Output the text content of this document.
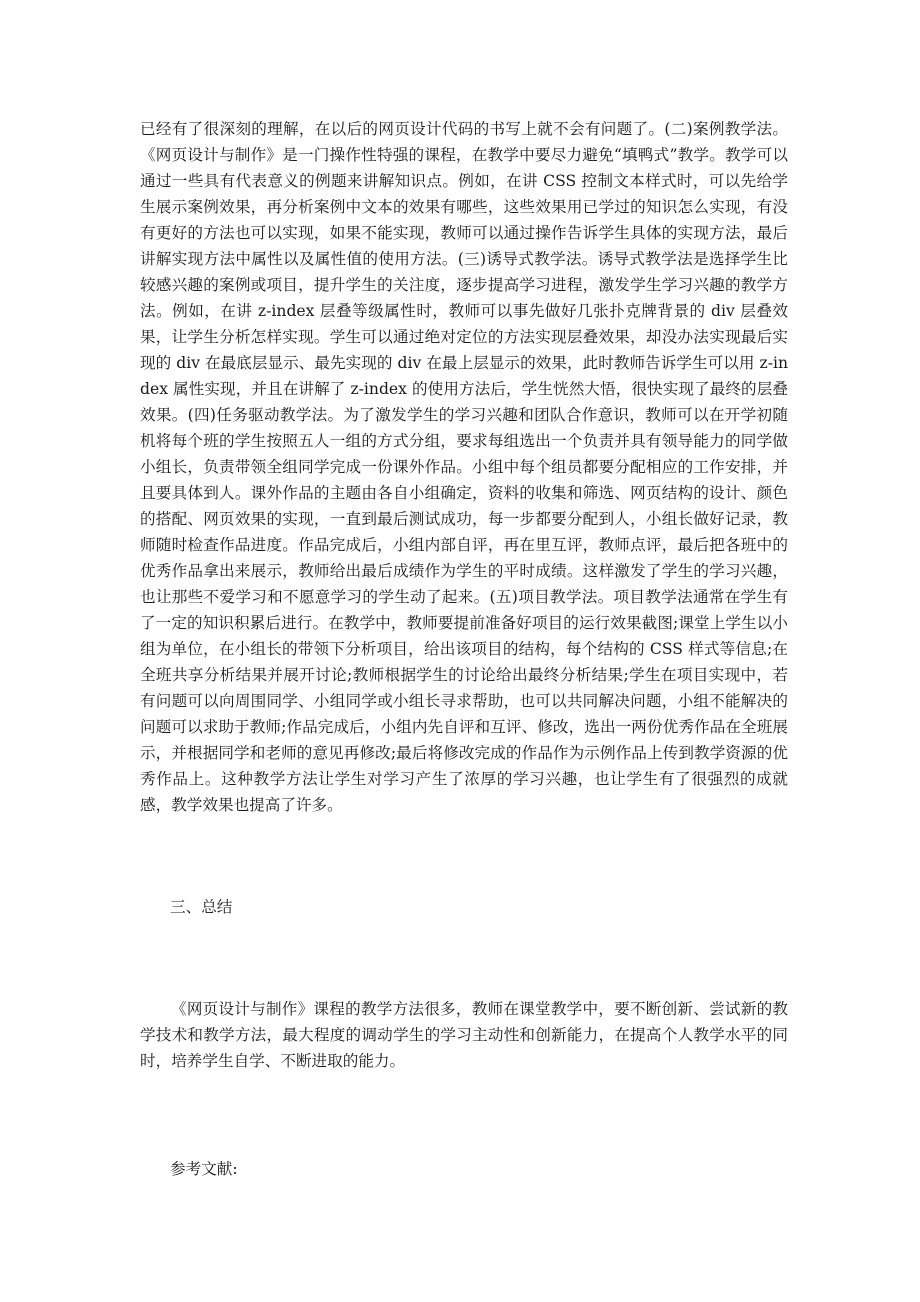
已经有了很深刻的理解，在以后的网页设计代码的书写上就不会有问题了。(二)案例教学法。《网页设计与制作》是一门操作性特强的课程，在教学中要尽力避免“填鸭式”教学。教学可以通过一些具有代表意义的例题来讲解知识点。例如，在讲 CSS 控制文本样式时，可以先给学生展示案例效果，再分析案例中文本的效果有哪些，这些效果用已学过的知识怎么实现，有没有更好的方法也可以实现，如果不能实现，教师可以通过操作告诉学生具体的实现方法，最后讲解实现方法中属性以及属性值的使用方法。(三)诱导式教学法。诱导式教学法是选择学生比较感兴趣的案例或项目，提升学生的关注度，逐步提高学习进程，激发学生学习兴趣的教学方法。例如，在讲 z-index 层叠等级属性时，教师可以事先做好几张扑克牌背景的 div 层叠效果，让学生分析怎样实现。学生可以通过绝对定位的方法实现层叠效果，却没办法实现最后实现的 div 在最底层显示、最先实现的 div 在最上层显示的效果，此时教师告诉学生可以用 z-index 属性实现，并且在讲解了 z-index 的使用方法后，学生恍然大悟，很快实现了最终的层叠效果。(四)任务驱动教学法。为了激发学生的学习兴趣和团队合作意识，教师可以在开学初随机将每个班的学生按照五人一组的方式分组，要求每组选出一个负责并具有领导能力的同学做小组长，负责带领全组同学完成一份课外作品。小组中每个组员都要分配相应的工作安排，并且要具体到人。课外作品的主题由各自小组确定，资料的收集和筛选、网页结构的设计、颜色的搭配、网页效果的实现，一直到最后测试成功，每一步都要分配到人，小组长做好记录，教师随时检查作品进度。作品完成后，小组内部自评，再在里互评，教师点评，最后把各班中的优秀作品拿出来展示，教师给出最后成绩作为学生的平时成绩。这样激发了学生的学习兴趣，也让那些不爱学习和不愿意学习的学生动了起来。(五)项目教学法。项目教学法通常在学生有了一定的知识积累后进行。在教学中，教师要提前准备好项目的运行效果截图;课堂上学生以小组为单位，在小组长的带领下分析项目，给出该项目的结构，每个结构的 CSS 样式等信息;在全班共享分析结果并展开讨论;教师根据学生的讨论给出最终分析结果;学生在项目实现中，若有问题可以向周围同学、小组同学或小组长寻求帮助，也可以共同解决问题，小组不能解决的问题可以求助于教师;作品完成后，小组内先自评和互评、修改，选出一两份优秀作品在全班展示，并根据同学和老师的意见再修改;最后将修改完成的作品作为示例作品上传到教学资源的优秀作品上。这种教学方法让学生对学习产生了浓厚的学习兴趣，也让学生有了很强烈的成就感，教学效果也提高了许多。

三、总结

《网页设计与制作》课程的教学方法很多，教师在课堂教学中，要不断创新、尝试新的教学技术和教学方法，最大程度的调动学生的学习主动性和创新能力，在提高个人教学水平的同时，培养学生自学、不断进取的能力。

参考文献:
